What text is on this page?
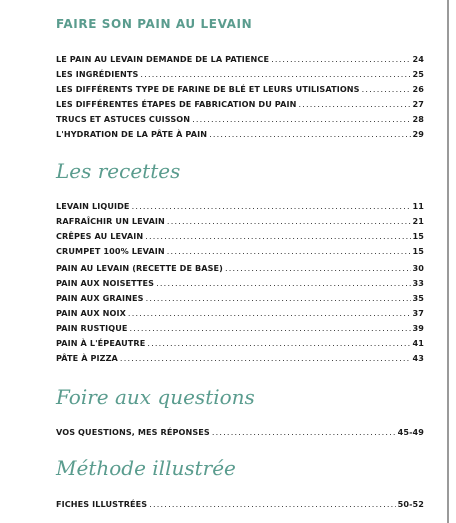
FAIRE SON PAIN AU LEVAIN
LE PAIN AU LEVAIN DEMANDE DE LA PATIENCE .....	24
LES INGRÉDIENTS .....	25
LES DIFFÉRENTS TYPE DE FARINE DE BLÉ ET LEURS UTILISATIONS .....	26
LES DIFFÉRENTES ÉTAPES DE FABRICATION DU PAIN .....	27
TRUCS ET ASTUCES CUISSON .....	28
L'HYDRATION DE LA PÂTE À PAIN .....	29
Les recettes
LEVAIN LIQUIDE .....	11
RAFRAÎCHIR UN LEVAIN .....	21
CRÊPES AU LEVAIN .....	15
CRUMPET 100% LEVAIN .....	15
PAIN AU LEVAIN (RECETTE DE BASE) .....	30
PAIN AUX NOISETTES .....	33
PAIN AUX GRAINES .....	35
PAIN AUX NOIX .....	37
PAIN RUSTIQUE .....	39
PAIN À L'ÉPEAUTRE .....	41
PÂTE À PIZZA .....	43
Foire aux questions
VOS QUESTIONS, MES RÉPONSES .....	45-49
Méthode illustrée
FICHES ILLUSTRÉES .....	50-52
